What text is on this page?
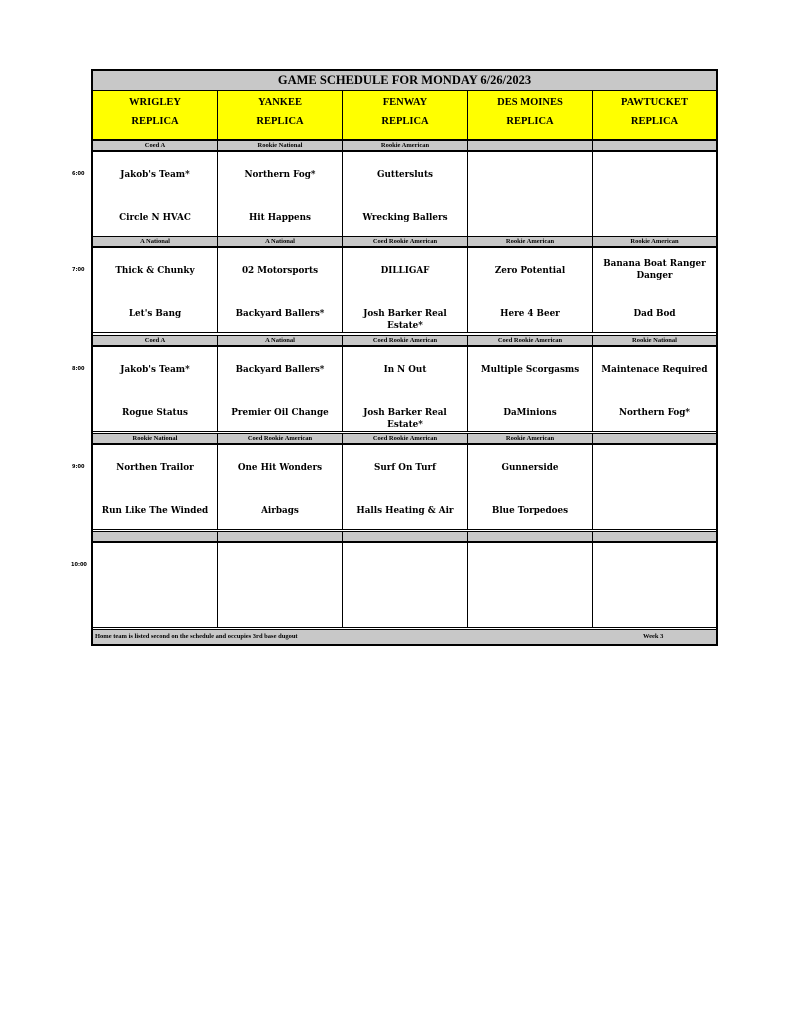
GAME SCHEDULE FOR MONDAY 6/26/2023
WRIGLEY
REPLICA
YANKEE
REPLICA
FENWAY
REPLICA
DES MOINES
REPLICA
PAWTUCKET
REPLICA
Coed A
Jakob's Team*
Circle N HVAC
Rookie National
Northern Fog*
Hit Happens
Rookie American
Guttersluts
Wrecking Ballers
A National
Thick & Chunky
Let's Bang
A National
02 Motorsports
Backyard Ballers*
Coed Rookie American
DILLIGAF
Josh Barker Real Estate*
Rookie American
Zero Potential
Here 4 Beer
Rookie American
Banana Boat Ranger Danger
Dad Bod
Coed A
Jakob's Team*
Rogue Status
A National
Backyard Ballers*
Premier Oil Change
Coed Rookie American
In N Out
Josh Barker Real Estate*
Coed Rookie American
Multiple Scorgasms
DaMinions
Rookie National
Maintenace Required
Northern Fog*
Rookie National
Northen Trailor
Run Like The Winded
Coed Rookie American
One Hit Wonders
Airbags
Coed Rookie American
Surf On Turf
Halls Heating & Air
Rookie American
Gunnerside
Blue Torpedoes
Home team is listed second on the schedule and occupies 3rd base dugout	Week 3
6:00
7:00
8:00
9:00
10:00
